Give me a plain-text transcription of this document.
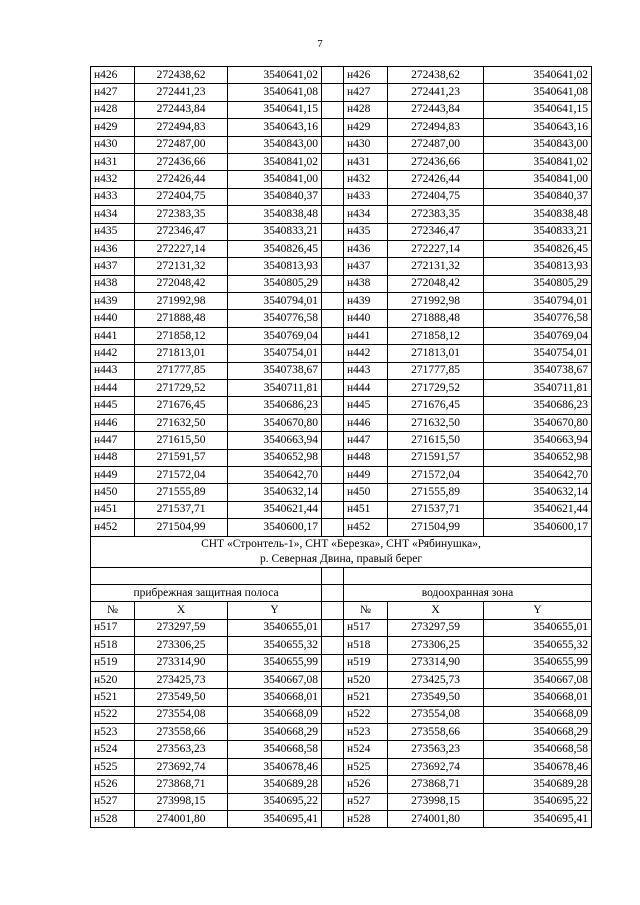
7
н426	272438,62	3540641,02		н426	272438,62	3540641,02
н427	272441,23	3540641,08		н427	272441,23	3540641,08
н428	272443,84	3540641,15		н428	272443,84	3540641,15
н429	272494,83	3540643,16		н429	272494,83	3540643,16
н430	272487,00	3540843,00		н430	272487,00	3540843,00
н431	272436,66	3540841,02		н431	272436,66	3540841,02
н432	272426,44	3540841,00		н432	272426,44	3540841,00
н433	272404,75	3540840,37		н433	272404,75	3540840,37
н434	272383,35	3540838,48		н434	272383,35	3540838,48
н435	272346,47	3540833,21		н435	272346,47	3540833,21
н436	272227,14	3540826,45		н436	272227,14	3540826,45
н437	272131,32	3540813,93		н437	272131,32	3540813,93
н438	272048,42	3540805,29		н438	272048,42	3540805,29
н439	271992,98	3540794,01		н439	271992,98	3540794,01
н440	271888,48	3540776,58		н440	271888,48	3540776,58
н441	271858,12	3540769,04		н441	271858,12	3540769,04
н442	271813,01	3540754,01		н442	271813,01	3540754,01
н443	271777,85	3540738,67		н443	271777,85	3540738,67
н444	271729,52	3540711,81		н444	271729,52	3540711,81
н445	271676,45	3540686,23		н445	271676,45	3540686,23
н446	271632,50	3540670,80		н446	271632,50	3540670,80
н447	271615,50	3540663,94		н447	271615,50	3540663,94
н448	271591,57	3540652,98		н448	271591,57	3540652,98
н449	271572,04	3540642,70		н449	271572,04	3540642,70
н450	271555,89	3540632,14		н450	271555,89	3540632,14
н451	271537,71	3540621,44		н451	271537,71	3540621,44
н452	271504,99	3540600,17		н452	271504,99	3540600,17
СНТ «Стронтель-1», СНТ «Березка», СНТ «Рябинушка»,
р. Северная Двина, правый берег						

прибрежная защитная полоса				водоохранная зона		
№	X	Y		№	X	Y
н517	273297,59	3540655,01		н517	273297,59	3540655,01
н518	273306,25	3540655,32		н518	273306,25	3540655,32
н519	273314,90	3540655,99		н519	273314,90	3540655,99
н520	273425,73	3540667,08		н520	273425,73	3540667,08
н521	273549,50	3540668,01		н521	273549,50	3540668,01
н522	273554,08	3540668,09		н522	273554,08	3540668,09
н523	273558,66	3540668,29		н523	273558,66	3540668,29
н524	273563,23	3540668,58		н524	273563,23	3540668,58
н525	273692,74	3540678,46		н525	273692,74	3540678,46
н526	273868,71	3540689,28		н526	273868,71	3540689,28
н527	273998,15	3540695,22		н527	273998,15	3540695,22
н528	274001,80	3540695,41		н528	274001,80	3540695,41
